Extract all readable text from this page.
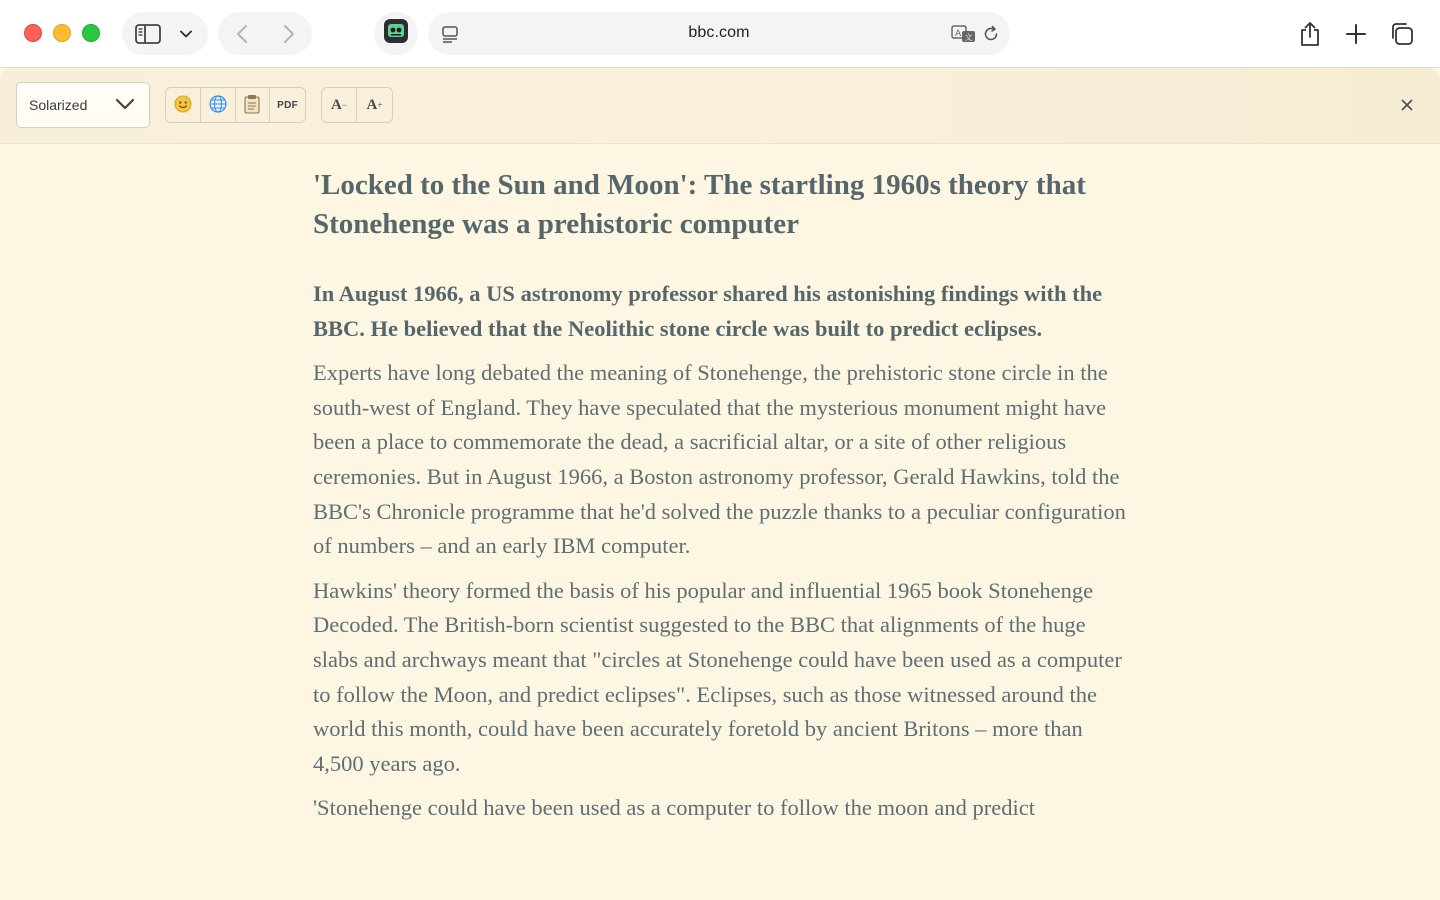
bbc.com	A 文
Solarized	PDF	A − A +
'Locked to the Sun and Moon': The startling 1960s theory that Stonehenge was a prehistoric computer

In August 1966, a US astronomy professor shared his astonishing findings with the BBC. He believed that the Neolithic stone circle was built to predict eclipses.

Experts have long debated the meaning of Stonehenge, the prehistoric stone circle in the south-west of England. They have speculated that the mysterious monument might have been a place to commemorate the dead, a sacrificial altar, or a site of other religious ceremonies. But in August 1966, a Boston astronomy professor, Gerald Hawkins, told the BBC's Chronicle programme that he'd solved the puzzle thanks to a peculiar configuration of numbers – and an early IBM computer.

Hawkins' theory formed the basis of his popular and influential 1965 book Stonehenge Decoded. The British-born scientist suggested to the BBC that alignments of the huge slabs and archways meant that "circles at Stonehenge could have been used as a computer to follow the Moon, and predict eclipses". Eclipses, such as those witnessed around the world this month, could have been accurately foretold by ancient Britons – more than 4,500 years ago.

'Stonehenge could have been used as a computer to follow the moon and predict
